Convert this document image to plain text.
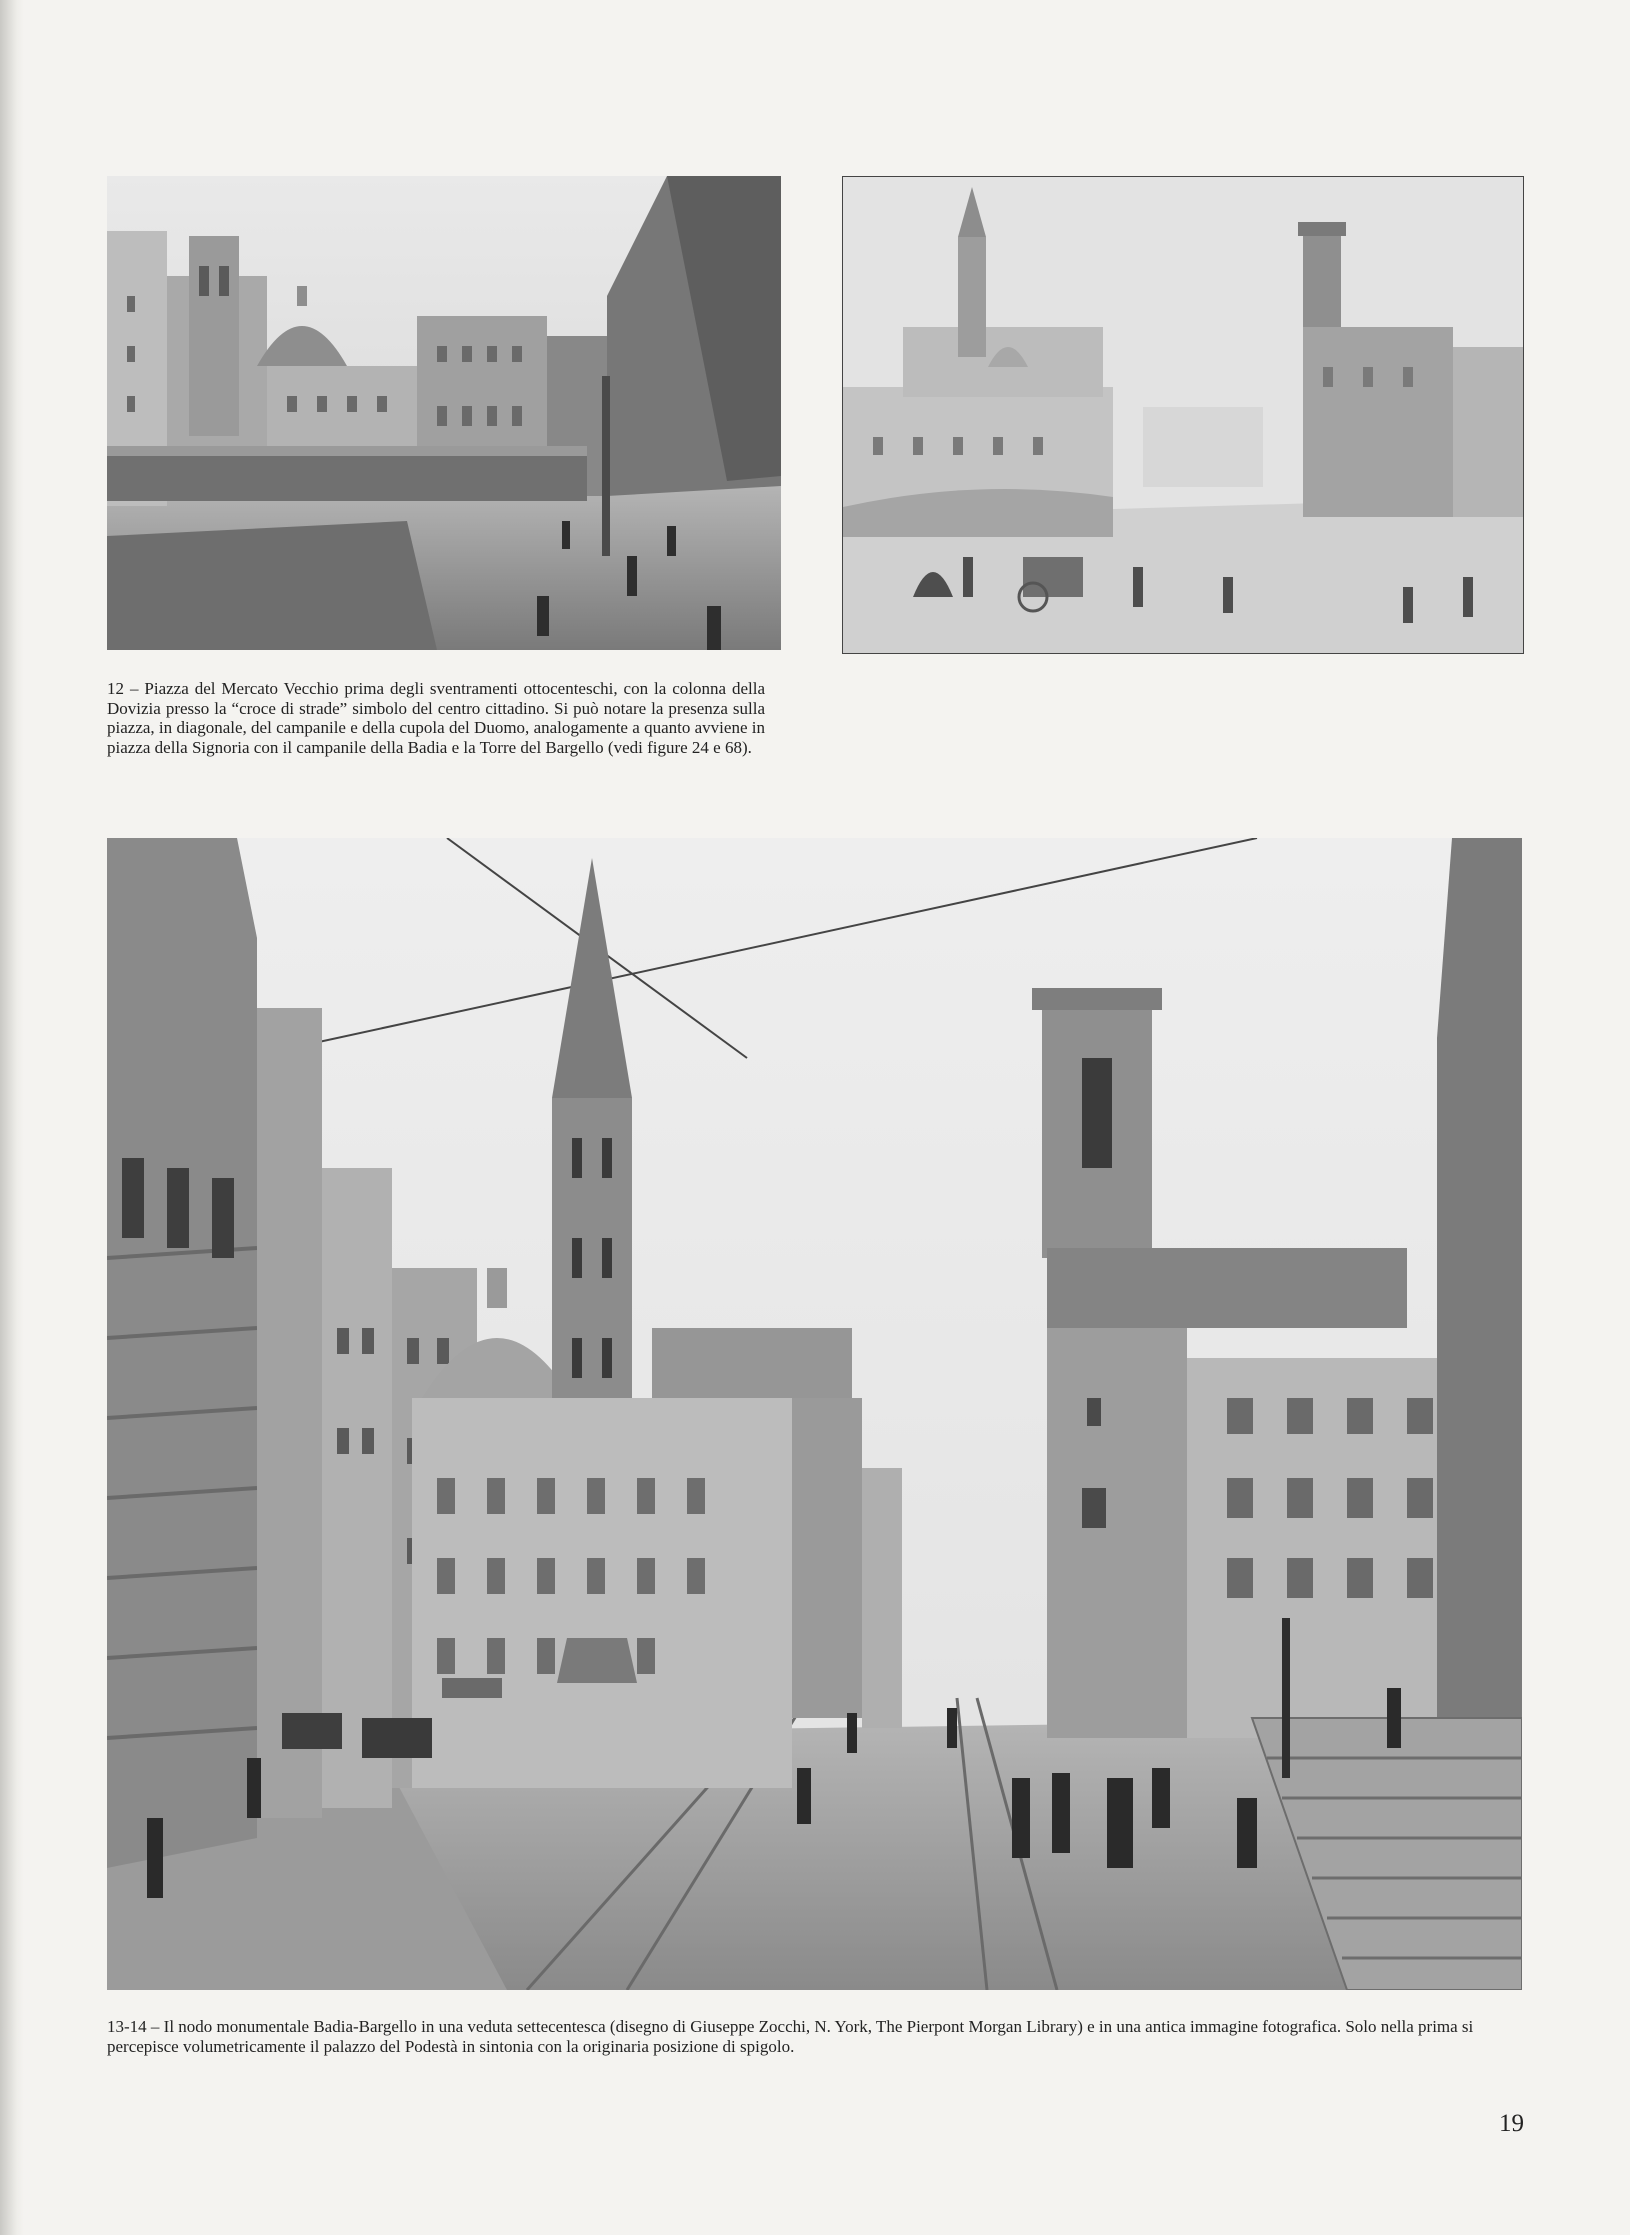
12 – Piazza del Mercato Vecchio prima degli sventramenti ottocenteschi, con la colonna della Dovizia presso la “croce di strade” simbolo del centro cittadino. Si può notare la presenza sulla piazza, in diagonale, del campanile e della cupola del Duomo, analogamente a quanto avviene in piazza della Signoria con il campanile della Badia e la Torre del Bargello (vedi figure 24 e 68).
13-14 – Il nodo monumentale Badia-Bargello in una veduta settecentesca (disegno di Giuseppe Zocchi, N. York, The Pierpont Morgan Library) e in una antica immagine fotografica. Solo nella prima si percepisce volumetricamente il palazzo del Podestà in sintonia con la originaria posizione di spigolo.
19
